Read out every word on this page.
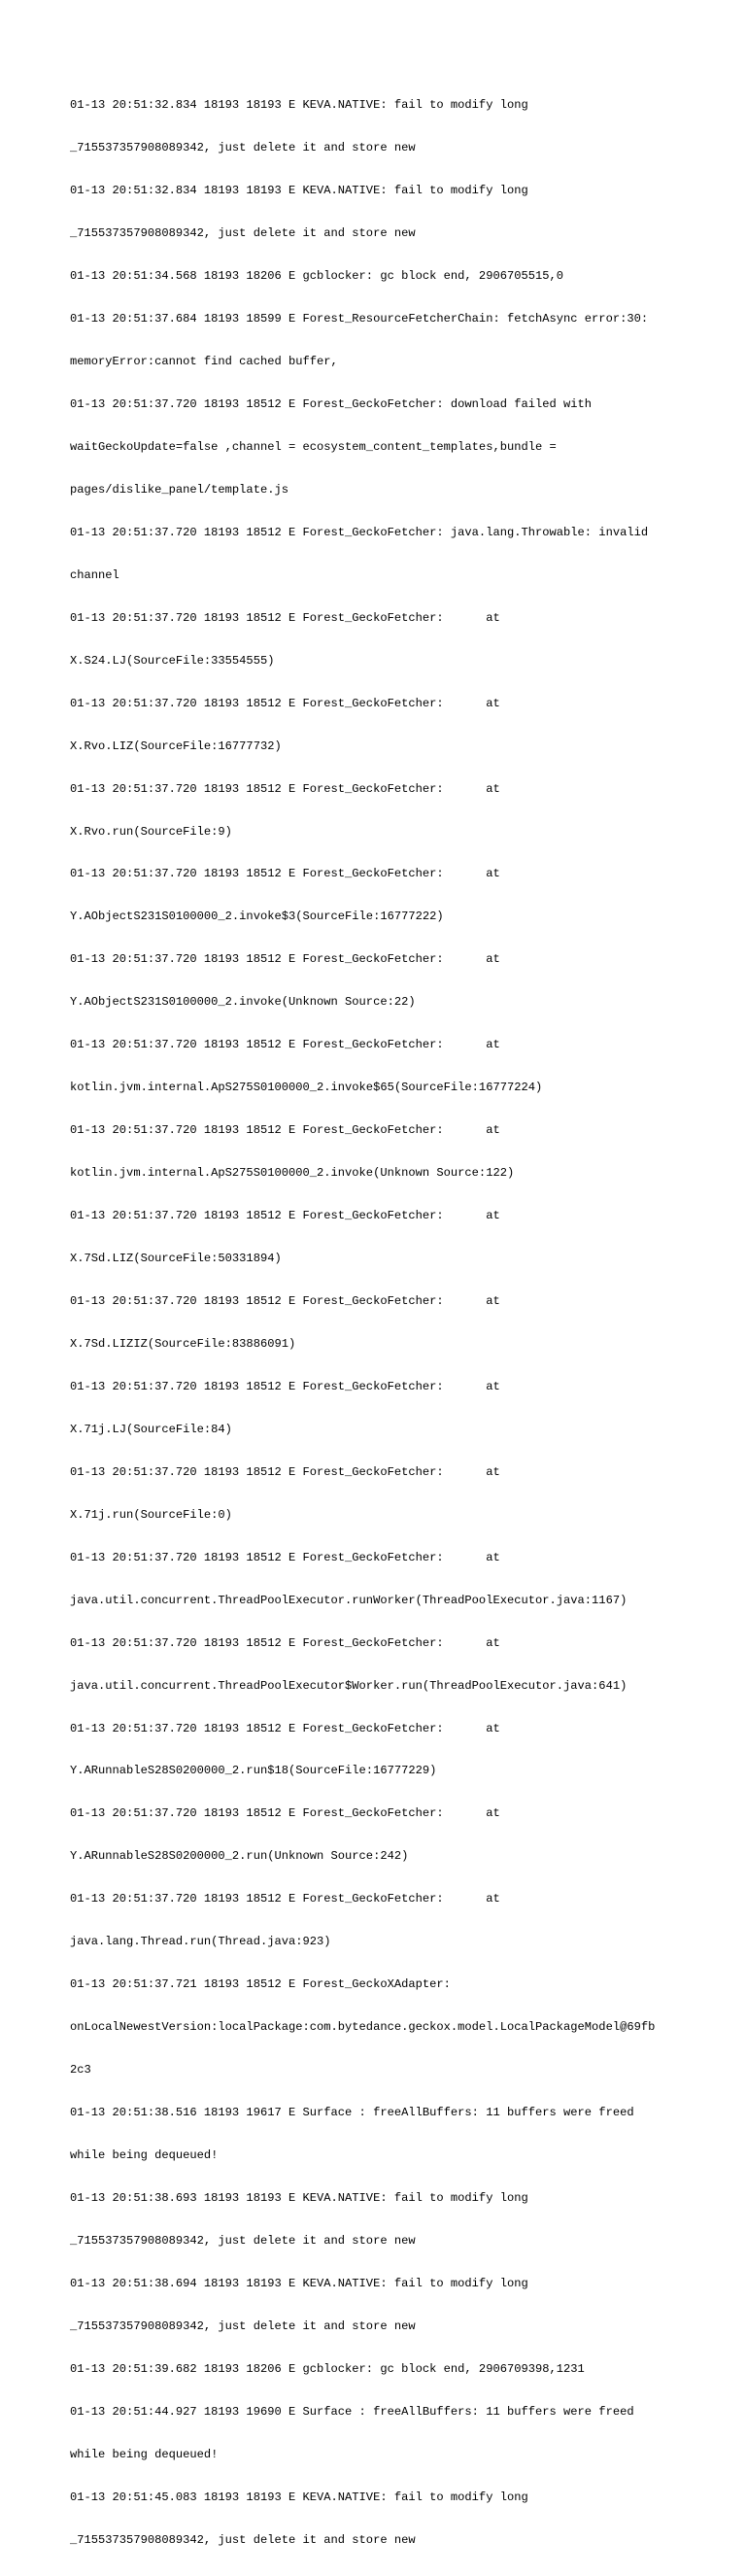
01-13 20:51:32.834 18193 18193 E KEVA.NATIVE: fail to modify long

_715537357908089342, just delete it and store new

01-13 20:51:32.834 18193 18193 E KEVA.NATIVE: fail to modify long

_715537357908089342, just delete it and store new

01-13 20:51:34.568 18193 18206 E gcblocker: gc block end, 2906705515,0

01-13 20:51:37.684 18193 18599 E Forest_ResourceFetcherChain: fetchAsync error:30:

memoryError:cannot find cached buffer,

01-13 20:51:37.720 18193 18512 E Forest_GeckoFetcher: download failed with

waitGeckoUpdate=false ,channel = ecosystem_content_templates,bundle =

pages/dislike_panel/template.js

01-13 20:51:37.720 18193 18512 E Forest_GeckoFetcher: java.lang.Throwable: invalid

channel

01-13 20:51:37.720 18193 18512 E Forest_GeckoFetcher:      at

X.S24.LJ(SourceFile:33554555)

01-13 20:51:37.720 18193 18512 E Forest_GeckoFetcher:      at

X.Rvo.LIZ(SourceFile:16777732)

01-13 20:51:37.720 18193 18512 E Forest_GeckoFetcher:      at

X.Rvo.run(SourceFile:9)

01-13 20:51:37.720 18193 18512 E Forest_GeckoFetcher:      at

Y.AObjectS231S0100000_2.invoke$3(SourceFile:16777222)

01-13 20:51:37.720 18193 18512 E Forest_GeckoFetcher:      at

Y.AObjectS231S0100000_2.invoke(Unknown Source:22)

01-13 20:51:37.720 18193 18512 E Forest_GeckoFetcher:      at

kotlin.jvm.internal.ApS275S0100000_2.invoke$65(SourceFile:16777224)

01-13 20:51:37.720 18193 18512 E Forest_GeckoFetcher:      at

kotlin.jvm.internal.ApS275S0100000_2.invoke(Unknown Source:122)

01-13 20:51:37.720 18193 18512 E Forest_GeckoFetcher:      at

X.7Sd.LIZ(SourceFile:50331894)

01-13 20:51:37.720 18193 18512 E Forest_GeckoFetcher:      at

X.7Sd.LIZIZ(SourceFile:83886091)

01-13 20:51:37.720 18193 18512 E Forest_GeckoFetcher:      at

X.71j.LJ(SourceFile:84)

01-13 20:51:37.720 18193 18512 E Forest_GeckoFetcher:      at

X.71j.run(SourceFile:0)

01-13 20:51:37.720 18193 18512 E Forest_GeckoFetcher:      at

java.util.concurrent.ThreadPoolExecutor.runWorker(ThreadPoolExecutor.java:1167)

01-13 20:51:37.720 18193 18512 E Forest_GeckoFetcher:      at

java.util.concurrent.ThreadPoolExecutor$Worker.run(ThreadPoolExecutor.java:641)

01-13 20:51:37.720 18193 18512 E Forest_GeckoFetcher:      at

Y.ARunnableS28S0200000_2.run$18(SourceFile:16777229)

01-13 20:51:37.720 18193 18512 E Forest_GeckoFetcher:      at

Y.ARunnableS28S0200000_2.run(Unknown Source:242)

01-13 20:51:37.720 18193 18512 E Forest_GeckoFetcher:      at

java.lang.Thread.run(Thread.java:923)

01-13 20:51:37.721 18193 18512 E Forest_GeckoXAdapter:

onLocalNewestVersion:localPackage:com.bytedance.geckox.model.LocalPackageModel@69fb

2c3

01-13 20:51:38.516 18193 19617 E Surface : freeAllBuffers: 11 buffers were freed

while being dequeued!

01-13 20:51:38.693 18193 18193 E KEVA.NATIVE: fail to modify long

_715537357908089342, just delete it and store new

01-13 20:51:38.694 18193 18193 E KEVA.NATIVE: fail to modify long

_715537357908089342, just delete it and store new

01-13 20:51:39.682 18193 18206 E gcblocker: gc block end, 2906709398,1231

01-13 20:51:44.927 18193 19690 E Surface : freeAllBuffers: 11 buffers were freed

while being dequeued!

01-13 20:51:45.083 18193 18193 E KEVA.NATIVE: fail to modify long

_715537357908089342, just delete it and store new
